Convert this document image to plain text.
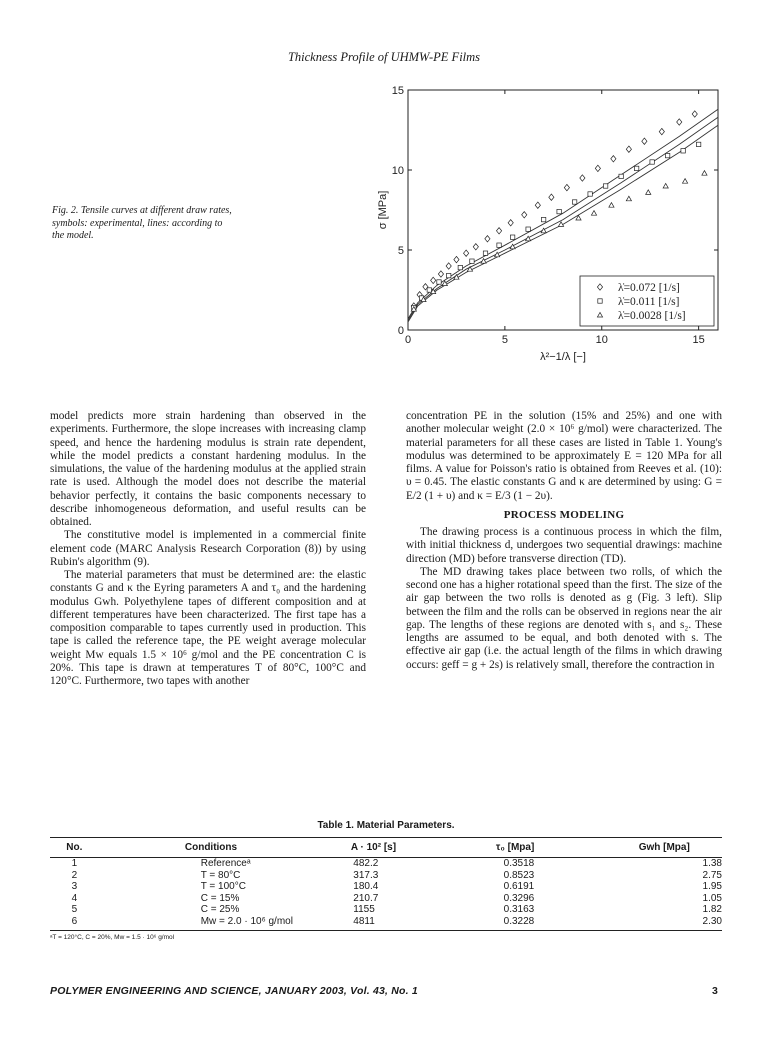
Thickness Profile of UHMW-PE Films
Fig. 2. Tensile curves at different draw rates, symbols: experimental, lines: according to the model.
0	5	10	15
0
5
10
15
λ²−1/λ [−]
σ [MPa]
λ̇=0.072 [1/s]
λ̇=0.011 [1/s]
λ̇=0.0028 [1/s]

model predicts more strain hardening than observed in the experiments. Furthermore, the slope increases with increasing clamp speed, and hence the hardening modulus is strain rate dependent, while the model predicts a constant hardening modulus. In the simulations, the value of the hardening modulus at the applied strain rate is used. Although the model does not describe the material behavior perfectly, it contains the basic components necessary to describe inhomogeneous deformation, and useful results can be obtained.

The constitutive model is implemented in a commercial finite element code (MARC Analysis Research Corporation (8)) by using Rubin's algorithm (9).

The material parameters that must be determined are: the elastic constants G and κ the Eyring parameters A and τ₀ and the hardening modulus Gwh. Polyethylene tapes of different composition and at different temperatures have been characterized. The first tape has a composition comparable to tapes currently used in production. This tape is called the reference tape, the PE weight average molecular weight Mw equals 1.5 × 10⁶ g/mol and the PE concentration C is 20%. This tape is drawn at temperatures T of 80°C, 100°C and 120°C. Furthermore, two tapes with another

concentration PE in the solution (15% and 25%) and one with another molecular weight (2.0 × 10⁶ g/mol) were characterized. The material parameters for all these cases are listed in Table 1. Young's modulus was determined to be approximately E = 120 MPa for all films. A value for Poisson's ratio is obtained from Reeves et al. (10): υ = 0.45. The elastic constants G and κ are determined by using: G = E/2 (1 + υ) and κ = E/3 (1 − 2υ).

PROCESS MODELING

The drawing process is a continuous process in which the film, with initial thickness d, undergoes two sequential drawings: machine direction (MD) before transverse direction (TD).

The MD drawing takes place between two rolls, of which the second one has a higher rotational speed than the first. The size of the air gap between the two rolls is denoted as g (Fig. 3 left). Slip between the film and the rolls can be observed in regions near the air gap. The lengths of these regions are denoted with s₁ and s₂. These lengths are assumed to be equal, and both denoted with s. The effective air gap (i.e. the actual length of the films in which drawing occurs: geff = g + 2s) is relatively small, therefore the contraction in

Table 1. Material Parameters.
No.	Conditions	A · 10² [s]	τ₀ [Mpa]	Gwh [Mpa]
1	Referenceᵃ	482.2	0.3518	1.38
2	T = 80°C	317.3	0.8523	2.75
3	T = 100°C	180.4	0.6191	1.95
4	C = 15%	210.7	0.3296	1.05
5	C = 25%	1155	0.3163	1.82
6	Mw = 2.0 · 10⁶ g/mol	4811	0.3228	2.30
ᵃT = 120°C, C = 20%, Mw = 1.5 · 10⁶ g/mol
POLYMER ENGINEERING AND SCIENCE, JANUARY 2003, Vol. 43, No. 1	3
